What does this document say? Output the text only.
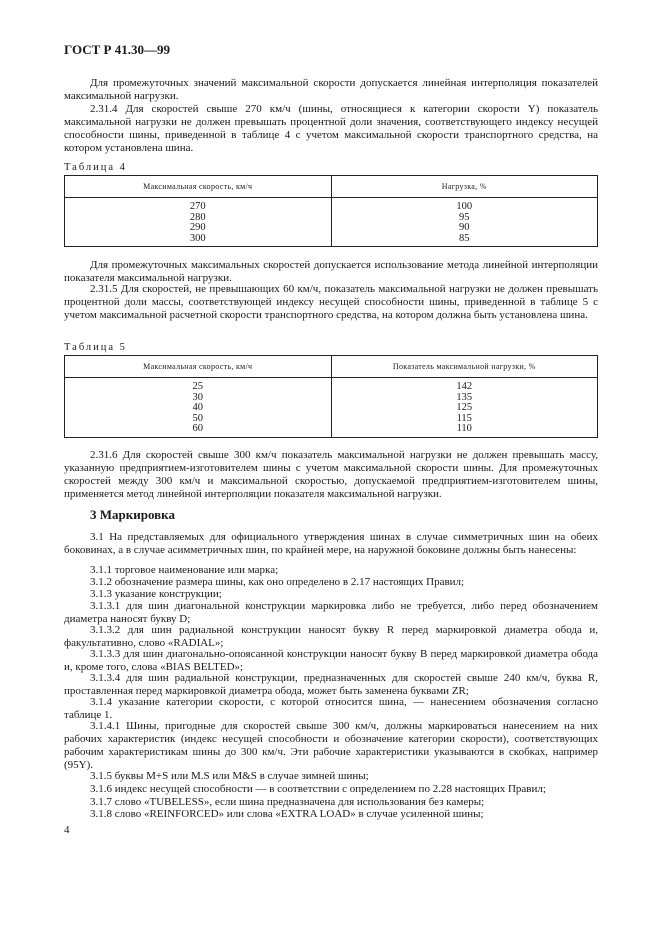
ГОСТ Р 41.30—99

Для промежуточных значений максимальной скорости допускается линейная интерполяция показателей максимальной нагрузки.

2.31.4 Для скоростей свыше 270 км/ч (шины, относящиеся к категории скорости Y) показатель максимальной нагрузки не должен превышать процентной доли значения, соответствующего индексу несущей способности шины, приведенной в таблице 4 с учетом максимальной скорости транспортного средства, на котором установлена шина.

Таблица 4
Максимальная скорость, км/ч	Нагрузка, %
270	100
280	95
290	90
300	85

Для промежуточных максимальных скоростей допускается использование метода линейной интерполяции показателя максимальной нагрузки.

2.31.5 Для скоростей, не превышающих 60 км/ч, показатель максимальной нагрузки не должен превышать процентной доли массы, соответствующей индексу несущей способности шины, приведенной в таблице 5 с учетом максимальной расчетной скорости транспортного средства, на котором должна быть установлена шина.

Таблица 5
Максимальная скорость, км/ч	Показатель максимальной нагрузки, %
25	142
30	135
40	125
50	115
60	110

2.31.6 Для скоростей свыше 300 км/ч показатель максимальной нагрузки не должен превышать массу, указанную предприятием-изготовителем шины с учетом максимальной скорости шины. Для промежуточных скоростей между 300 км/ч и максимальной скоростью, допускаемой предприятием-изготовителем шины, применяется метод линейной интерполяции показателя максимальной нагрузки.

3 Маркировка

3.1 На представляемых для официального утверждения шинах в случае симметричных шин на обеих боковинах, а в случае асимметричных шин, по крайней мере, на наружной боковине должны быть нанесены:

3.1.1 торговое наименование или марка;

3.1.2 обозначение размера шины, как оно определено в 2.17 настоящих Правил;

3.1.3 указание конструкции;

3.1.3.1 для шин диагональной конструкции маркировка либо не требуется, либо перед обозначением диаметра наносят букву D;

3.1.3.2 для шин радиальной конструкции наносят букву R перед маркировкой диаметра обода и, факультативно, слово «RADIAL»;

3.1.3.3 для шин диагонально-опоясанной конструкции наносят букву B перед маркировкой диаметра обода и, кроме того, слова «BIAS BELTED»;

3.1.3.4 для шин радиальной конструкции, предназначенных для скоростей свыше 240 км/ч, буква R, проставленная перед маркировкой диаметра обода, может быть заменена буквами ZR;

3.1.4 указание категории скорости, с которой относится шина, — нанесением обозначения согласно таблице 1.

3.1.4.1 Шины, пригодные для скоростей свыше 300 км/ч, должны маркироваться нанесением на них рабочих характеристик (индекс несущей способности и обозначение категории скорости), соответствующих рабочим характеристикам шины до 300 км/ч. Эти рабочие характеристики указываются в скобках, например (95Y).

3.1.5 буквы M+S или M.S или M&S в случае зимней шины;

3.1.6 индекс несущей способности — в соответствии с определением по 2.28 настоящих Правил;

3.1.7 слово «TUBELESS», если шина предназначена для использования без камеры;

3.1.8 слово «REINFORCED» или слова «EXTRA LOAD» в случае усиленной шины;

4
